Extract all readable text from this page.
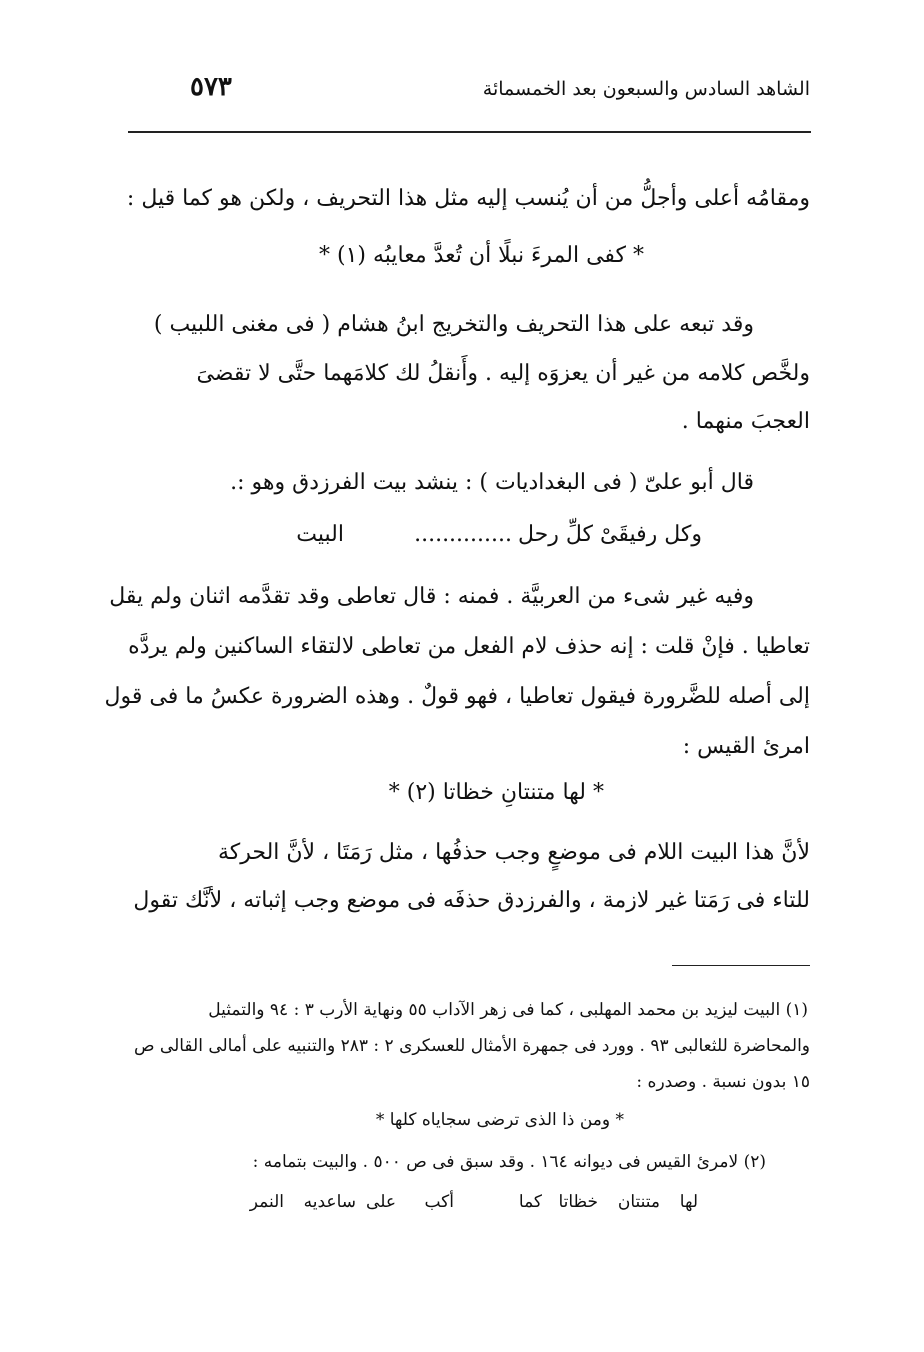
الشاهد السادس والسبعون بعد الخمسمائة
٥٧٣
ومقامُه أعلى وأجلُّ من أن يُنسب إليه مثل هذا التحريف ، ولكن هو كما قيل :
* كفى المرءَ نبلًا أن تُعدَّ معايبُه (١) *
وقد تبعه على هذا التحريف والتخريج ابنُ هشام ( فى مغنى اللبيب )
ولخَّص كلامه من غير أن يعزوَه إليه . وأَنقلُ لك كلامَهما حتَّى لا تقضىَ
العجبَ منهما .
قال أبو علىّ ( فى البغداديات ) : ينشد بيت الفرزدق وهو :.
وكل رفيقَىْ كلِّ رحل
..............
البيت
وفيه غير شىء من العربيَّة . فمنه : قال تعاطى وقد تقدَّمه اثنان ولم يقل
تعاطيا . فإنْ قلت : إنه حذف لام الفعل من تعاطى لالتقاء الساكنين ولم يردَّه
إلى أصله للضَّرورة فيقول تعاطيا ، فهو قولٌ . وهذه الضرورة عكسُ ما فى قول
امرئ القيس :
* لها متنتانِ خظاتا (٢) *
لأنَّ هذا البيت اللام فى موضعٍ وجب حذفُها ، مثل رَمَتَا ، لأنَّ الحركة
للتاء فى رَمَتا غير لازمة ، والفرزدق حذفَه فى موضع وجب إثباته ، لأنَّك تقول
(١) البيت ليزيد بن محمد المهلبى ، كما فى زهر الآداب ٥٥ ونهاية الأرب ٣ : ٩٤ والتمثيل
والمحاضرة للثعالبى ٩٣ . وورد فى جمهرة الأمثال للعسكرى ٢ : ٢٨٣ والتنبيه على أمالى القالى ص
١٥ بدون نسبة . وصدره :
* ومن ذا الذى ترضى سجاياه كلها *
(٢) لامرئ القيس فى ديوانه ١٦٤ . وقد سبق فى ص ٥٠٠ . والبيت بتمامه :
لها
متنتان
خظاتا
كما
أكب
على
ساعديه
النمر
